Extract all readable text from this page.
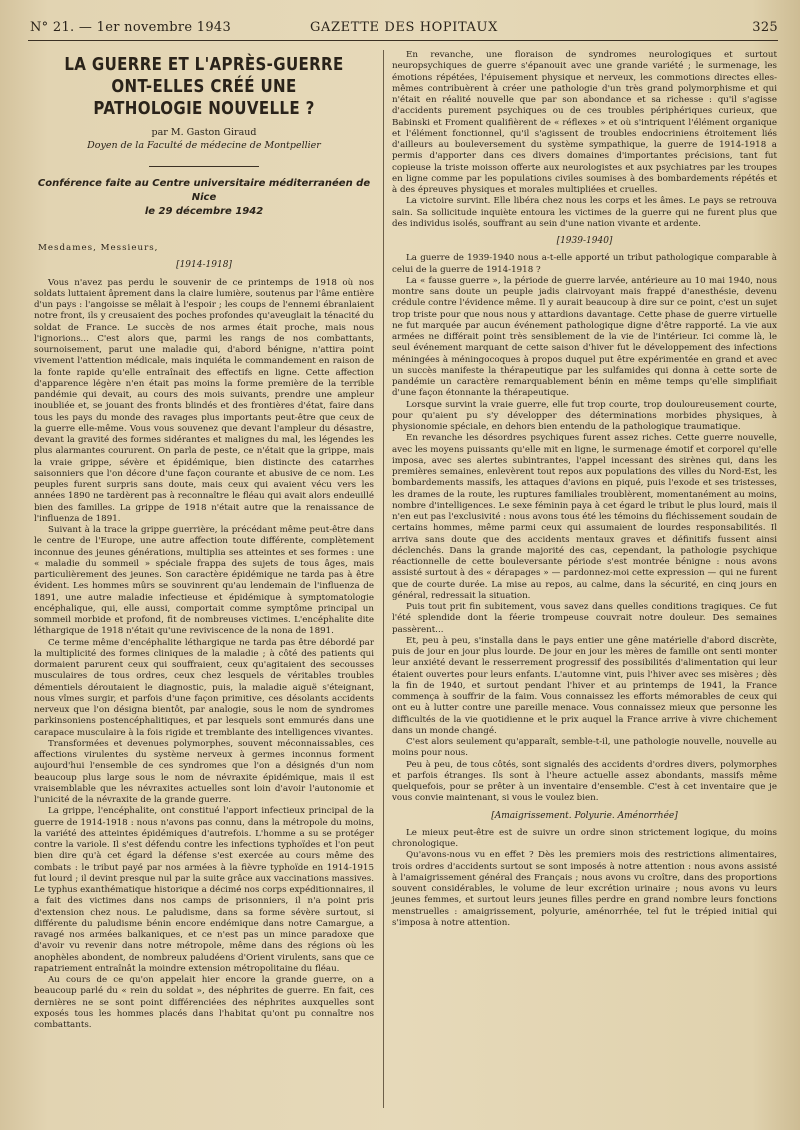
N° 21. — 1er novembre 1943	GAZETTE DES HOPITAUX	325
LA GUERRE ET L'APRÈS-GUERRE
ONT-ELLES CRÉÉ UNE PATHOLOGIE NOUVELLE ?
par M. Gaston Giraud
Doyen de la Faculté de médecine de Montpellier
Conférence faite au Centre universitaire méditerranéen de Nice
le 29 décembre 1942
Mesdames, Messieurs,
[1914-1918]

Vous n'avez pas perdu le souvenir de ce printemps de 1918 où nos soldats luttaient âprement dans la claire lumière, soutenus par l'âme entière d'un pays : l'angoisse se mêlait à l'espoir ; les coups de l'ennemi ébranlaient notre front, ils y creusaient des poches profondes qu'aveuglait la ténacité du soldat de France. Le succès de nos armes était proche, mais nous l'ignorions... C'est alors que, parmi les rangs de nos combattants, sournoisement, parut une maladie qui, d'abord bénigne, n'attira point vivement l'attention médicale, mais inquiéta le commandement en raison de la fonte rapide qu'elle entraînait des effectifs en ligne. Cette affection d'apparence légère n'en était pas moins la forme première de la terrible pandémie qui devait, au cours des mois suivants, prendre une ampleur inoubliée et, se jouant des fronts blindés et des frontières d'état, faire dans tous les pays du monde des ravages plus importants peut-être que ceux de la guerre elle-même. Vous vous souvenez que devant l'ampleur du désastre, devant la gravité des formes sidérantes et malignes du mal, les légendes les plus alarmantes coururent. On parla de peste, ce n'était que la grippe, mais la vraie grippe, sévère et épidémique, bien distincte des catarrhes saisonniers que l'on décore d'une façon courante et abusive de ce nom. Les peuples furent surpris sans doute, mais ceux qui avaient vécu vers les années 1890 ne tardèrent pas à reconnaître le fléau qui avait alors endeuillé bien des familles. La grippe de 1918 n'était autre que la renaissance de l'influenza de 1891.

Suivant à la trace la grippe guerrière, la précédant même peut-être dans le centre de l'Europe, une autre affection toute différente, complètement inconnue des jeunes générations, multiplia ses atteintes et ses formes : une « maladie du sommeil » spéciale frappa des sujets de tous âges, mais particulièrement des jeunes. Son caractère épidémique ne tarda pas à être évident. Les hommes mûrs se souvinrent qu'au lendemain de l'influenza de 1891, une autre maladie infectieuse et épidémique à symptomatologie encéphalique, qui, elle aussi, comportait comme symptôme principal un sommeil morbide et profond, fit de nombreuses victimes. L'encéphalite dite léthargique de 1918 n'était qu'une reviviscence de la nona de 1891.

Ce terme même d'encéphalite léthargique ne tarda pas être débordé par la multiplicité des formes cliniques de la maladie ; à côté des patients qui dormaient parurent ceux qui souffraient, ceux qu'agitaient des secousses musculaires de tous ordres, ceux chez lesquels de véritables troubles démentiels déroutaient le diagnostic, puis, la maladie aiguë s'éteignant, nous vîmes surgir, et parfois d'une façon primitive, ces désolants accidents nerveux que l'on désigna bientôt, par analogie, sous le nom de syndromes parkinsoniens postencéphalitiques, et par lesquels sont emmurés dans une carapace musculaire à la fois rigide et tremblante des intelligences vivantes.

Transformées et devenues polymorphes, souvent méconnaissables, ces affections virulentes du système nerveux à germes inconnus forment aujourd'hui l'ensemble de ces syndromes que l'on a désignés d'un nom beaucoup plus large sous le nom de névraxite épidémique, mais il est vraisemblable que les névraxites actuelles sont loin d'avoir l'autonomie et l'unicité de la névraxite de la grande guerre.

La grippe, l'encéphalite, ont constitué l'apport infectieux principal de la guerre de 1914-1918 : nous n'avons pas connu, dans la métropole du moins, la variété des atteintes épidémiques d'autrefois. L'homme a su se protéger contre la variole. Il s'est défendu contre les infections typhoïdes et l'on peut bien dire qu'à cet égard la défense s'est exercée au cours même des combats : le tribut payé par nos armées à la fièvre typhoïde en 1914-1915 fut lourd ; il devint presque nul par la suite grâce aux vaccinations massives. Le typhus exanthématique historique a décimé nos corps expéditionnaires, il a fait des victimes dans nos camps de prisonniers, il n'a point pris d'extension chez nous. Le paludisme, dans sa forme sévère surtout, si différente du paludisme bénin encore endémique dans notre Camargue, a ravagé nos armées balkaniques, et ce n'est pas un mince paradoxe que d'avoir vu revenir dans notre métropole, même dans des régions où les anophèles abondent, de nombreux paludéens d'Orient virulents, sans que ce rapatriement entraînât la moindre extension métropolitaine du fléau.

Au cours de ce qu'on appelait hier encore la grande guerre, on a beaucoup parlé du « rein du soldat », des néphrites de guerre. En fait, ces dernières ne se sont point différenciées des néphrites auxquelles sont exposés tous les hommes placés dans l'habitat qu'ont pu connaître nos combattants.

En revanche, une floraison de syndromes neurologiques et surtout neuropsychiques de guerre s'épanouit avec une grande variété ; le surmenage, les émotions répétées, l'épuisement physique et nerveux, les commotions directes elles-mêmes contribuèrent à créer une pathologie d'un très grand polymorphisme et qui n'était en réalité nouvelle que par son abondance et sa richesse : qu'il s'agisse d'accidents purement psychiques ou de ces troubles périphériques curieux, que Babinski et Froment qualifièrent de « réflexes » et où s'intriquent l'élément organique et l'élément fonctionnel, qu'il s'agissent de troubles endocriniens étroitement liés d'ailleurs au bouleversement du système sympathique, la guerre de 1914-1918 a permis d'apporter dans ces divers domaines d'importantes précisions, tant fut copieuse la triste moisson offerte aux neurologistes et aux psychiatres par les troupes en ligne comme par les populations civiles soumises à des bombardements répétés et à des épreuves physiques et morales multipliées et cruelles.

La victoire survint. Elle libéra chez nous les corps et les âmes. Le pays se retrouva sain. Sa sollicitude inquiète entoura les victimes de la guerre qui ne furent plus que des individus isolés, souffrant au sein d'une nation vivante et ardente.

[1939-1940]

La guerre de 1939-1940 nous a-t-elle apporté un tribut pathologique comparable à celui de la guerre de 1914-1918 ?

La « fausse guerre », la période de guerre larvée, antérieure au 10 mai 1940, nous montre sans doute un peuple jadis clairvoyant mais frappé d'anesthésie, devenu crédule contre l'évidence même. Il y aurait beaucoup à dire sur ce point, c'est un sujet trop triste pour que nous nous y attardions davantage. Cette phase de guerre virtuelle ne fut marquée par aucun événement pathologique digne d'être rapporté. La vie aux armées ne différait point très sensiblement de la vie de l'intérieur. Ici comme là, le seul événement marquant de cette saison d'hiver fut le développement des infections méningées à méningocoques à propos duquel put être expérimentée en grand et avec un succès manifeste la thérapeutique par les sulfamides qui donna à cette sorte de pandémie un caractère remarquablement bénin en même temps qu'elle simplifiait d'une façon étonnante la thérapeutique.

Lorsque survint la vraie guerre, elle fut trop courte, trop douloureusement courte, pour qu'aient pu s'y développer des déterminations morbides physiques, à physionomie spéciale, en dehors bien entendu de la pathologique traumatique.

En revanche les désordres psychiques furent assez riches. Cette guerre nouvelle, avec les moyens puissants qu'elle mit en ligne, le surmenage émotif et corporel qu'elle imposa, avec ses alertes subintrantes, l'appel incessant des sirènes qui, dans les premières semaines, enlevèrent tout repos aux populations des villes du Nord-Est, les bombardements massifs, les attaques d'avions en piqué, puis l'exode et ses tristesses, les drames de la route, les ruptures familiales troublèrent, momentanément au moins, nombre d'intelligences. Le sexe féminin paya à cet égard le tribut le plus lourd, mais il n'en eut pas l'exclusivité : nous avons tous été les témoins du fléchissement soudain de certains hommes, même parmi ceux qui assumaient de lourdes responsabilités. Il arriva sans doute que des accidents mentaux graves et définitifs fussent ainsi déclenchés. Dans la grande majorité des cas, cependant, la pathologie psychique réactionnelle de cette bouleversante période s'est montrée bénigne : nous avons assisté surtout à des « dérapages » — pardonnez-moi cette expression — qui ne furent que de courte durée. La mise au repos, au calme, dans la sécurité, en cinq jours en général, redressait la situation.

Puis tout prit fin subitement, vous savez dans quelles conditions tragiques. Ce fut l'été splendide dont la féerie trompeuse couvrait notre douleur. Des semaines passèrent...

Et, peu à peu, s'installa dans le pays entier une gêne matérielle d'abord discrète, puis de jour en jour plus lourde. De jour en jour les mères de famille ont senti monter leur anxiété devant le resserrement progressif des possibilités d'alimentation qui leur étaient ouvertes pour leurs enfants. L'automne vint, puis l'hiver avec ses misères ; dès la fin de 1940, et surtout pendant l'hiver et au printemps de 1941, la France commença à souffrir de la faim. Vous connaissez les efforts mémorables de ceux qui ont eu à lutter contre une pareille menace. Vous connaissez mieux que personne les difficultés de la vie quotidienne et le prix auquel la France arrive à vivre chichement dans un monde changé.

C'est alors seulement qu'apparaît, semble-t-il, une pathologie nouvelle, nouvelle au moins pour nous.

Peu à peu, de tous côtés, sont signalés des accidents d'ordres divers, polymorphes et parfois étranges. Ils sont à l'heure actuelle assez abondants, massifs même quelquefois, pour se prêter à un inventaire d'ensemble. C'est à cet inventaire que je vous convie maintenant, si vous le voulez bien.

[Amaigrissement. Polyurie. Aménorrhée]

Le mieux peut-être est de suivre un ordre sinon strictement logique, du moins chronologique.

Qu'avons-nous vu en effet ? Dès les premiers mois des restrictions alimentaires, trois ordres d'accidents surtout se sont imposés à notre attention : nous avons assisté à l'amaigrissement général des Français ; nous avons vu croître, dans des proportions souvent considérables, le volume de leur excrétion urinaire ; nous avons vu leurs jeunes femmes, et surtout leurs jeunes filles perdre en grand nombre leurs fonctions menstruelles : amaigrissement, polyurie, aménorrhée, tel fut le trépied initial qui s'imposa à notre attention.
